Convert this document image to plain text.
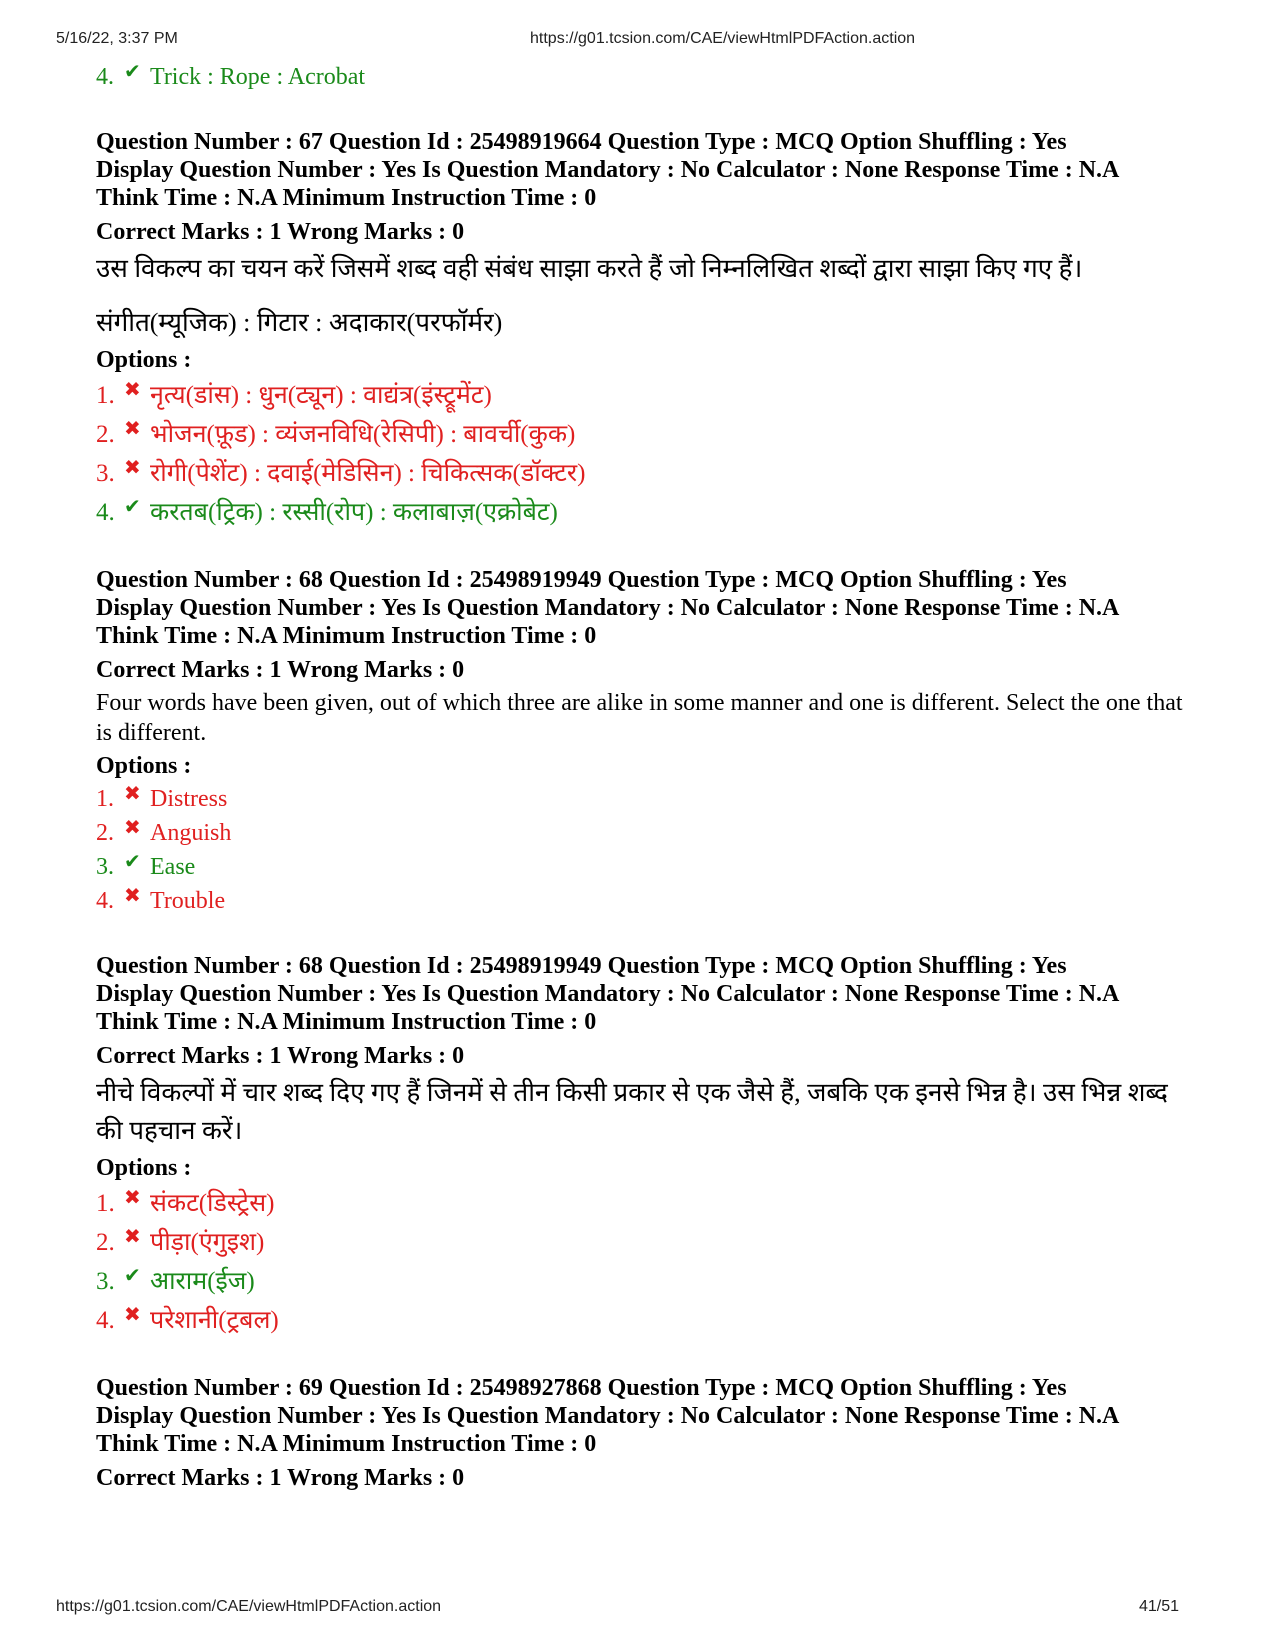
5/16/22, 3:37 PM	https://g01.tcsion.com/CAE/viewHtmlPDFAction.action
4. ✔ Trick : Rope : Acrobat
Question Number : 67 Question Id : 25498919664 Question Type : MCQ Option Shuffling : Yes
Display Question Number : Yes Is Question Mandatory : No Calculator : None Response Time : N.A
Think Time : N.A Minimum Instruction Time : 0
Correct Marks : 1 Wrong Marks : 0
उस विकल्प का चयन करें जिसमें शब्द वही संबंध साझा करते हैं जो निम्नलिखित शब्दों द्वारा साझा किए गए हैं।
संगीत(म्यूजिक) : गिटार : अदाकार(परफॉर्मर)
Options :
1. ✖ नृत्य(डांस) : धुन(ट्यून) : वाद्यंत्र(इंस्ट्रूमेंट)
2. ✖ भोजन(फ़ूड) : व्यंजनविधि(रेसिपी) : बावर्ची(कुक)
3. ✖ रोगी(पेशेंट) : दवाई(मेडिसिन) : चिकित्सक(डॉक्टर)
4. ✔ करतब(ट्रिक) : रस्सी(रोप) : कलाबाज़(एक्रोबेट)
Question Number : 68 Question Id : 25498919949 Question Type : MCQ Option Shuffling : Yes
Display Question Number : Yes Is Question Mandatory : No Calculator : None Response Time : N.A
Think Time : N.A Minimum Instruction Time : 0
Correct Marks : 1 Wrong Marks : 0
Four words have been given, out of which three are alike in some manner and one is different. Select the one that is different.
Options :
1. ✖ Distress
2. ✖ Anguish
3. ✔ Ease
4. ✖ Trouble
Question Number : 68 Question Id : 25498919949 Question Type : MCQ Option Shuffling : Yes
Display Question Number : Yes Is Question Mandatory : No Calculator : None Response Time : N.A
Think Time : N.A Minimum Instruction Time : 0
Correct Marks : 1 Wrong Marks : 0
नीचे विकल्पों में चार शब्द दिए गए हैं जिनमें से तीन किसी प्रकार से एक जैसे हैं, जबकि एक इनसे भिन्न है। उस भिन्न शब्द की पहचान करें।
Options :
1. ✖ संकट(डिस्ट्रेस)
2. ✖ पीड़ा(एंगुइश)
3. ✔ आराम(ईज)
4. ✖ परेशानी(ट्रबल)
Question Number : 69 Question Id : 25498927868 Question Type : MCQ Option Shuffling : Yes
Display Question Number : Yes Is Question Mandatory : No Calculator : None Response Time : N.A
Think Time : N.A Minimum Instruction Time : 0
Correct Marks : 1 Wrong Marks : 0
https://g01.tcsion.com/CAE/viewHtmlPDFAction.action	41/51
